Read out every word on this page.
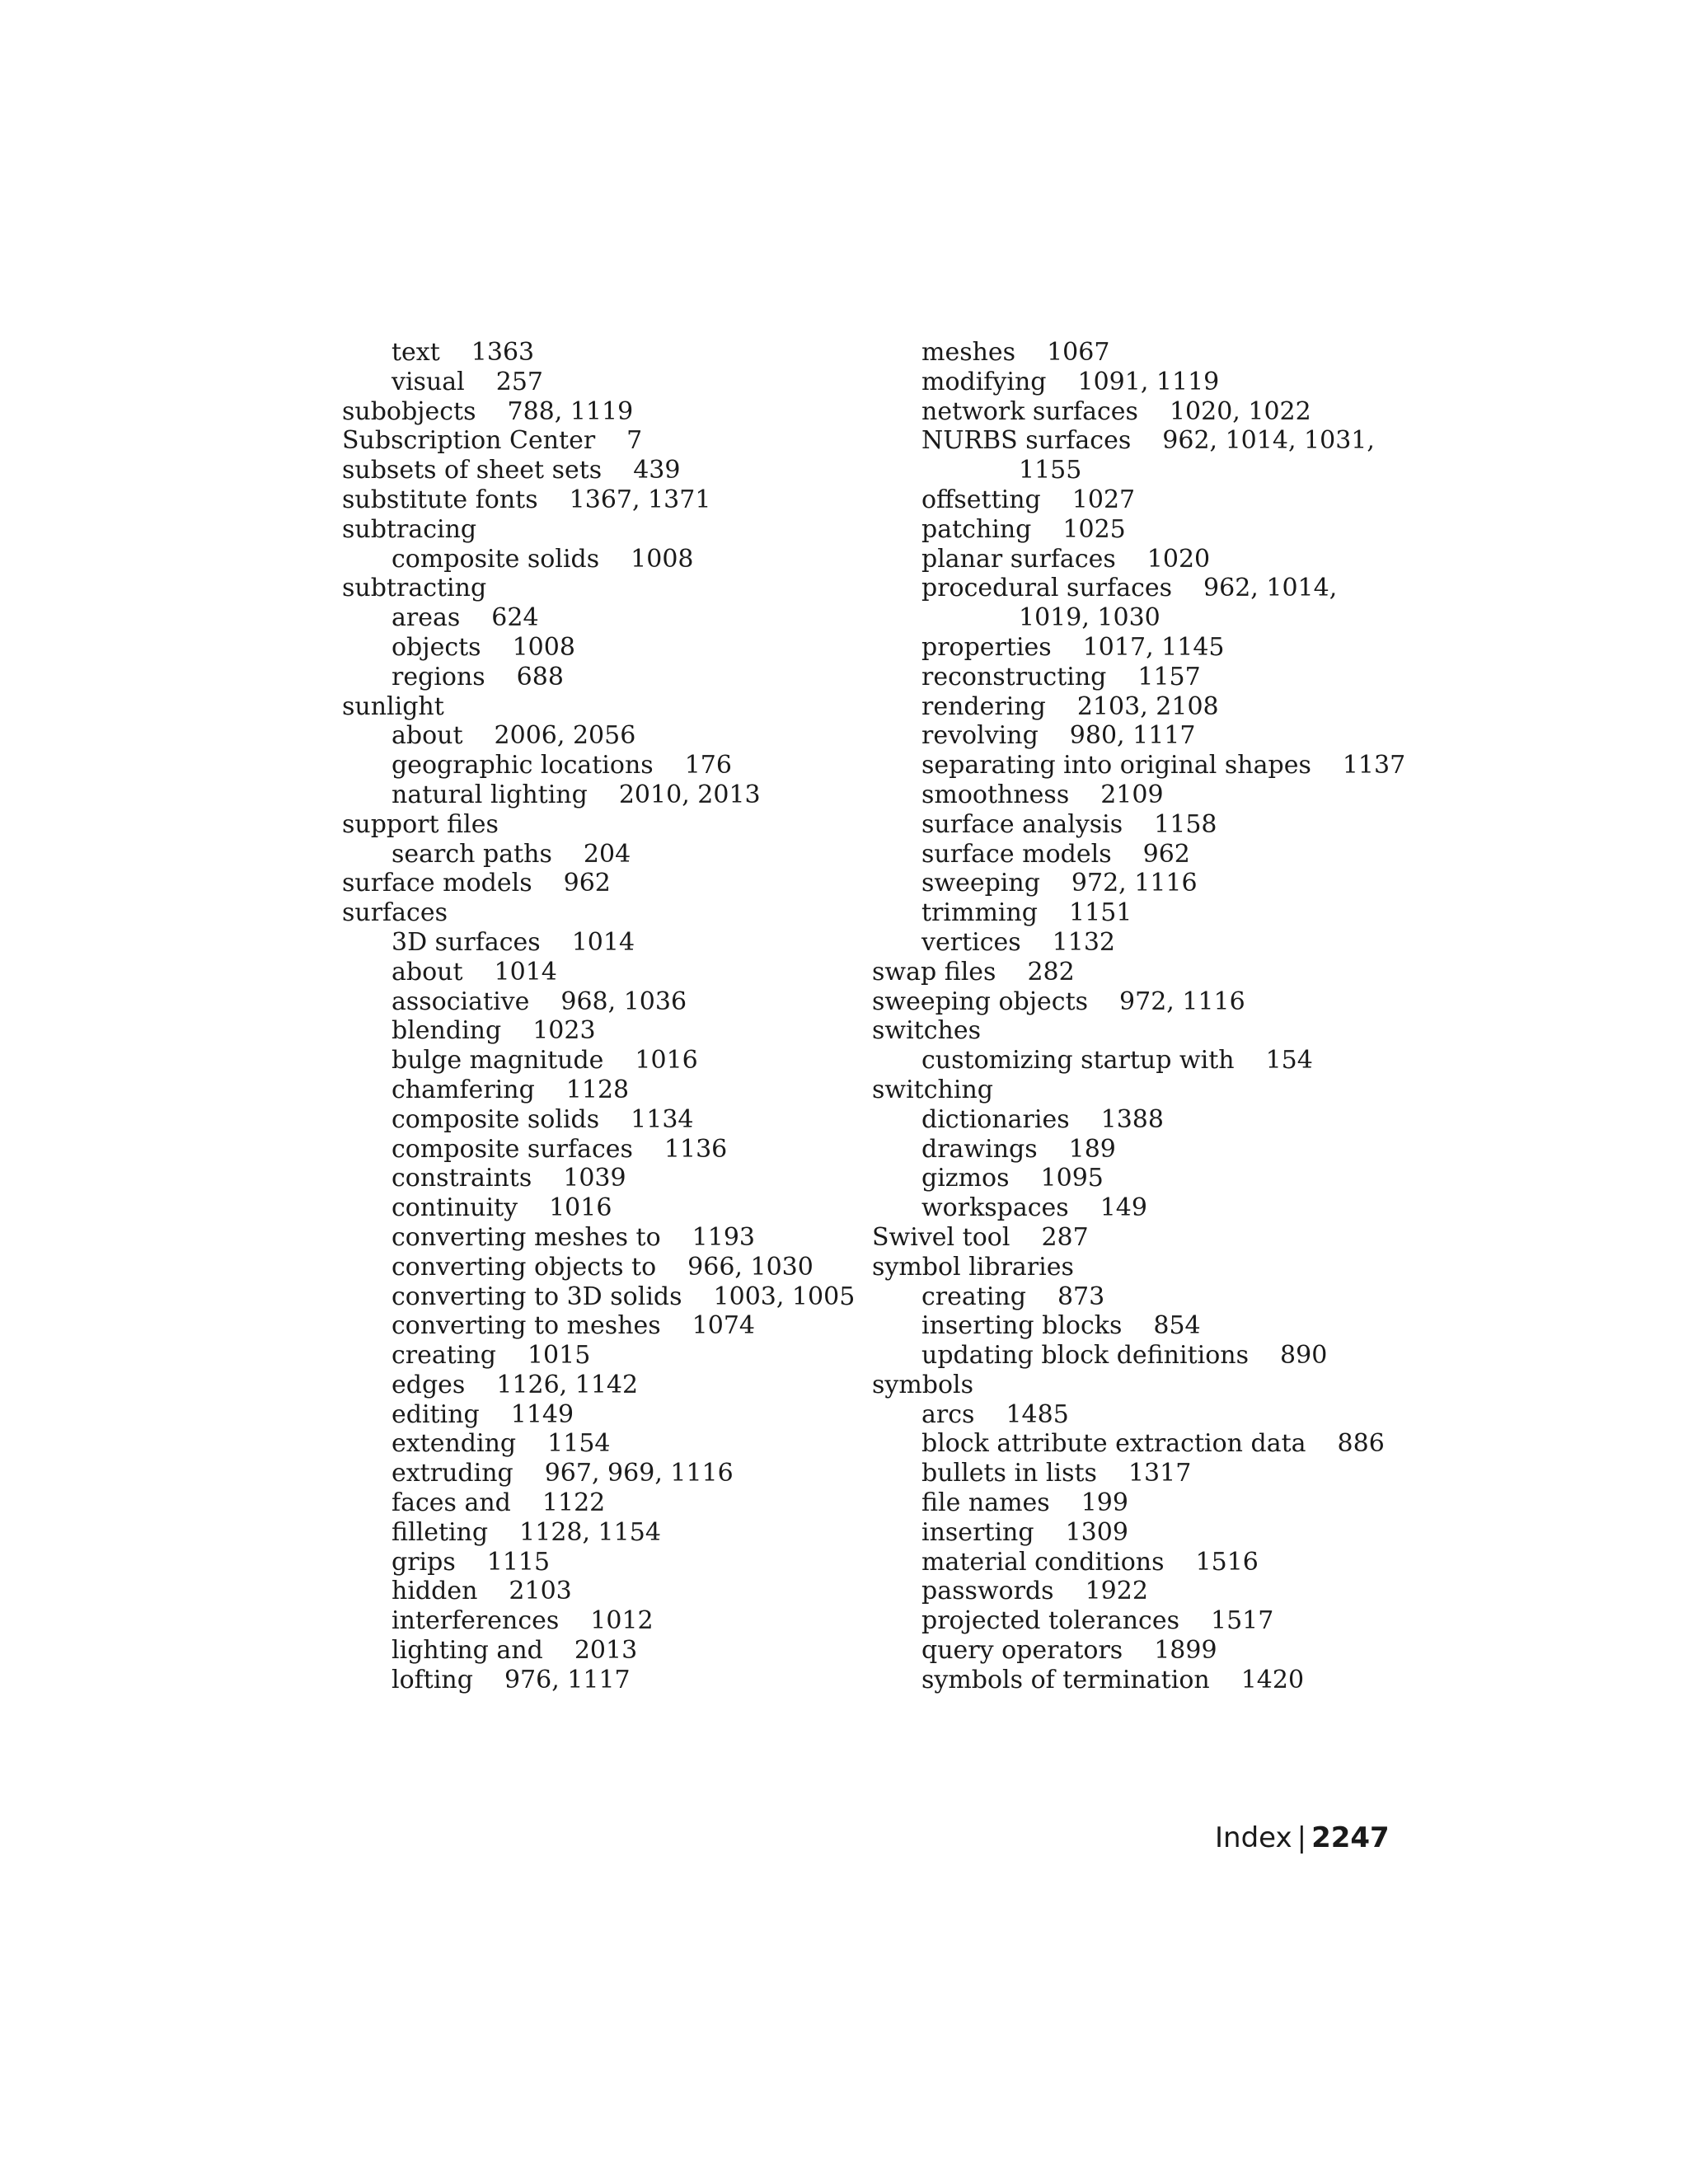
text 1363
visual 257
subobjects 788, 1119
Subscription Center 7
subsets of sheet sets 439
substitute fonts 1367, 1371
subtracing
composite solids 1008
subtracting
areas 624
objects 1008
regions 688
sunlight
about 2006, 2056
geographic locations 176
natural lighting 2010, 2013
support files
search paths 204
surface models 962
surfaces
3D surfaces 1014
about 1014
associative 968, 1036
blending 1023
bulge magnitude 1016
chamfering 1128
composite solids 1134
composite surfaces 1136
constraints 1039
continuity 1016
converting meshes to 1193
converting objects to 966, 1030
converting to 3D solids 1003, 1005
converting to meshes 1074
creating 1015
edges 1126, 1142
editing 1149
extending 1154
extruding 967, 969, 1116
faces and 1122
filleting 1128, 1154
grips 1115
hidden 2103
interferences 1012
lighting and 2013
lofting 976, 1117
meshes 1067
modifying 1091, 1119
network surfaces 1020, 1022
NURBS surfaces 962, 1014, 1031,
1155
offsetting 1027
patching 1025
planar surfaces 1020
procedural surfaces 962, 1014,
1019, 1030
properties 1017, 1145
reconstructing 1157
rendering 2103, 2108
revolving 980, 1117
separating into original shapes 1137
smoothness 2109
surface analysis 1158
surface models 962
sweeping 972, 1116
trimming 1151
vertices 1132
swap files 282
sweeping objects 972, 1116
switches
customizing startup with 154
switching
dictionaries 1388
drawings 189
gizmos 1095
workspaces 149
Swivel tool 287
symbol libraries
creating 873
inserting blocks 854
updating block definitions 890
symbols
arcs 1485
block attribute extraction data 886
bullets in lists 1317
file names 199
inserting 1309
material conditions 1516
passwords 1922
projected tolerances 1517
query operators 1899
symbols of termination 1420
Index | 2247
